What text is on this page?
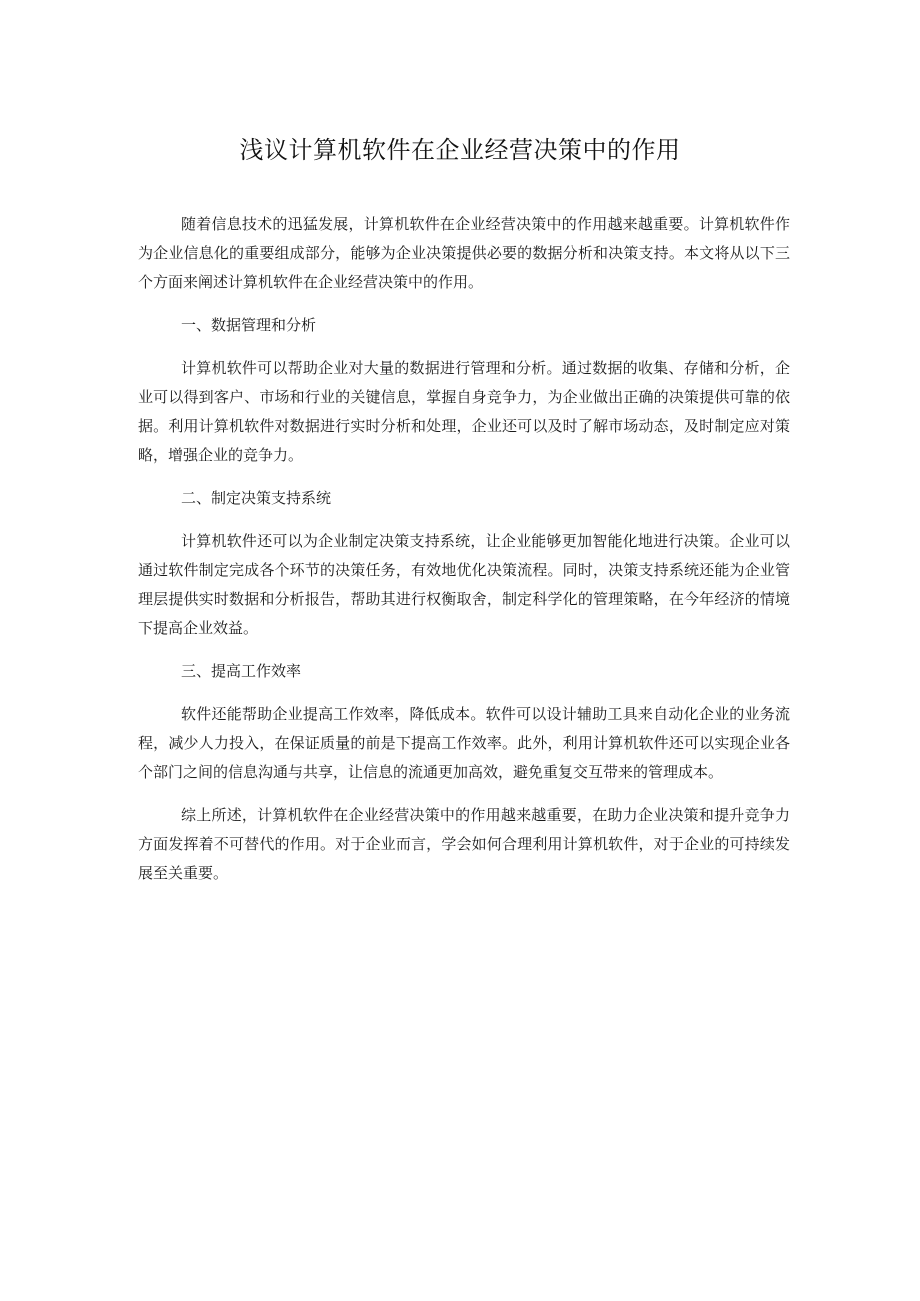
浅议计算机软件在企业经营决策中的作用

随着信息技术的迅猛发展，计算机软件在企业经营决策中的作用越来越重要。计算机软件作为企业信息化的重要组成部分，能够为企业决策提供必要的数据分析和决策支持。本文将从以下三个方面来阐述计算机软件在企业经营决策中的作用。

一、数据管理和分析

计算机软件可以帮助企业对大量的数据进行管理和分析。通过数据的收集、存储和分析，企业可以得到客户、市场和行业的关键信息，掌握自身竞争力，为企业做出正确的决策提供可靠的依据。利用计算机软件对数据进行实时分析和处理，企业还可以及时了解市场动态，及时制定应对策略，增强企业的竞争力。

二、制定决策支持系统

计算机软件还可以为企业制定决策支持系统，让企业能够更加智能化地进行决策。企业可以通过软件制定完成各个环节的决策任务，有效地优化决策流程。同时，决策支持系统还能为企业管理层提供实时数据和分析报告，帮助其进行权衡取舍，制定科学化的管理策略，在今年经济的情境下提高企业效益。

三、提高工作效率

软件还能帮助企业提高工作效率，降低成本。软件可以设计辅助工具来自动化企业的业务流程，减少人力投入，在保证质量的前是下提高工作效率。此外，利用计算机软件还可以实现企业各个部门之间的信息沟通与共享，让信息的流通更加高效，避免重复交互带来的管理成本。

综上所述，计算机软件在企业经营决策中的作用越来越重要，在助力企业决策和提升竞争力方面发挥着不可替代的作用。对于企业而言，学会如何合理利用计算机软件，对于企业的可持续发展至关重要。
